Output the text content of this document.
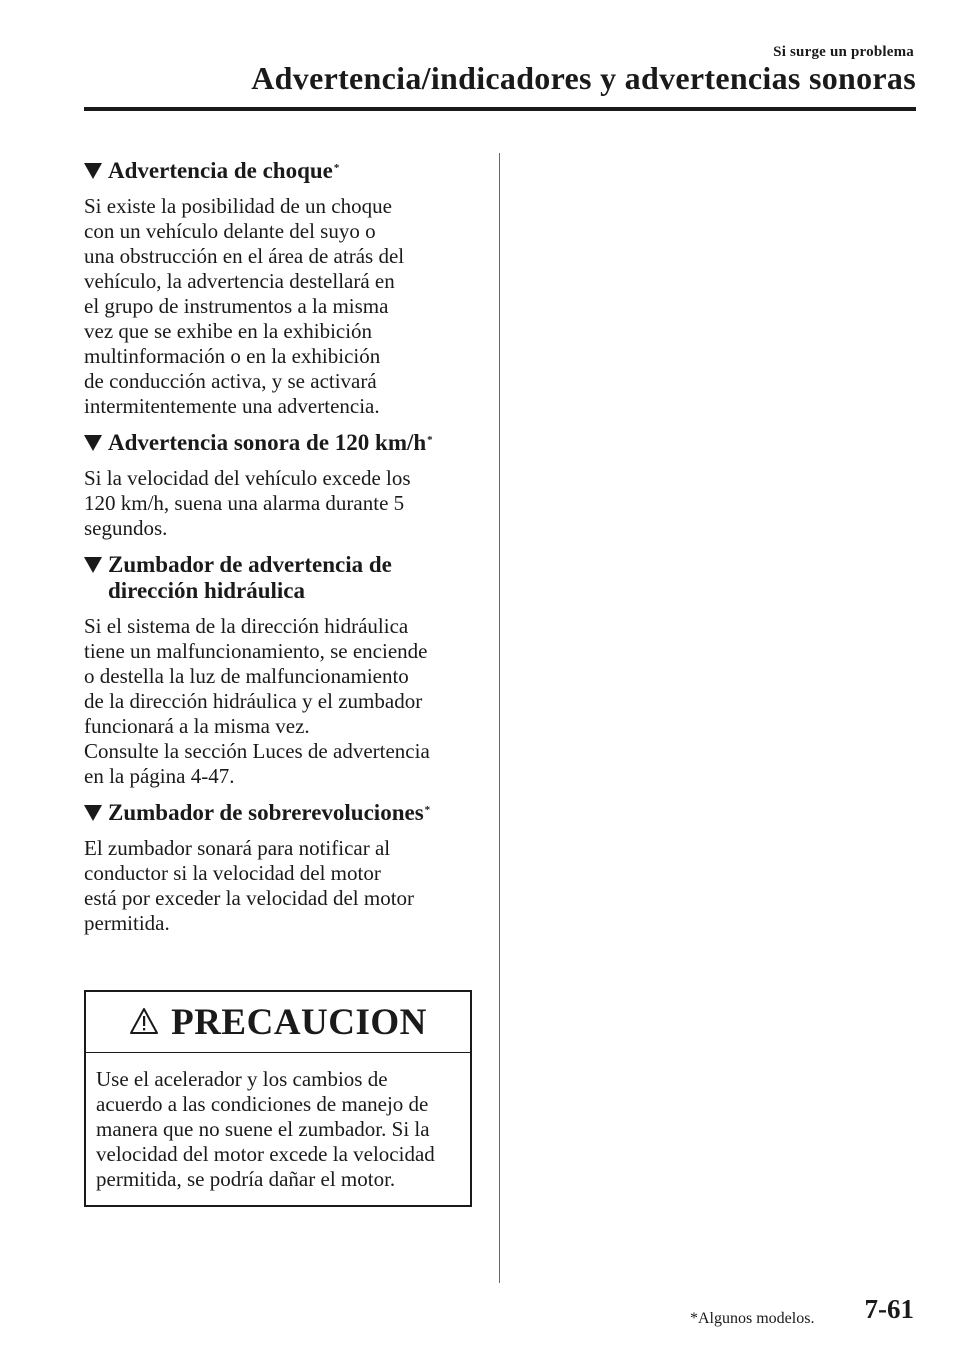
Si surge un problema
Advertencia/indicadores y advertencias sonoras
Advertencia de choque*

Si existe la posibilidad de un choque
con un vehículo delante del suyo o
una obstrucción en el área de atrás del
vehículo, la advertencia destellará en
el grupo de instrumentos a la misma
vez que se exhibe en la exhibición
multinformación o en la exhibición
de conducción activa, y se activará
intermitentemente una advertencia.

Advertencia sonora de 120 km/h*

Si la velocidad del vehículo excede los
120 km/h, suena una alarma durante 5
segundos.

Zumbador de advertencia de
dirección hidráulica

Si el sistema de la dirección hidráulica
tiene un malfuncionamiento, se enciende
o destella la luz de malfuncionamiento
de la dirección hidráulica y el zumbador
funcionará a la misma vez.
Consulte la sección Luces de advertencia
en la página 4-47.

Zumbador de sobrerevoluciones*

El zumbador sonará para notificar al
conductor si la velocidad del motor
está por exceder la velocidad del motor
permitida.

PRECAUCION
Use el acelerador y los cambios de
acuerdo a las condiciones de manejo de
manera que no suene el zumbador. Si la
velocidad del motor excede la velocidad
permitida, se podría dañar el motor.
*Algunos modelos. 7-61
